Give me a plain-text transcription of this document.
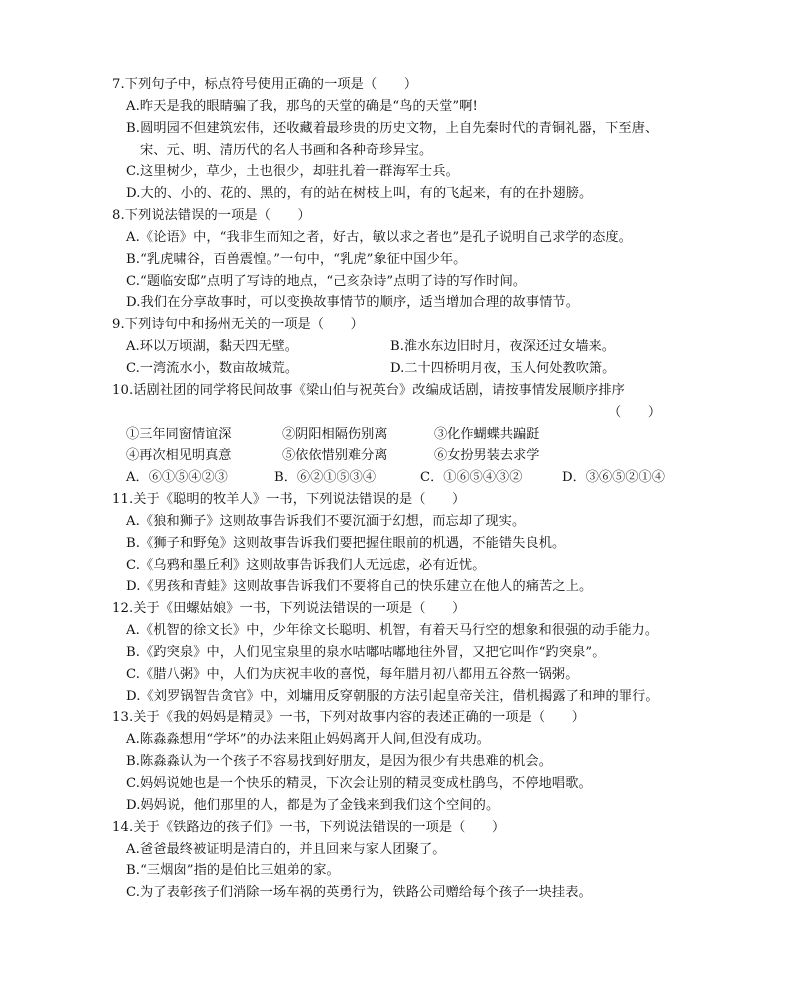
7.下列句子中，标点符号使用正确的一项是（　　）
A.昨天是我的眼睛骗了我，那鸟的天堂的确是“鸟的天堂”啊!
B.圆明园不但建筑宏伟，还收藏着最珍贵的历史文物，上自先秦时代的青铜礼器，下至唐、
宋、元、明、清历代的名人书画和各种奇珍异宝。
C.这里树少，草少，土也很少，却驻扎着一群海军士兵。
D.大的、小的、花的、黑的，有的站在树枝上叫，有的飞起来，有的在扑翅膀。
8.下列说法错误的一项是（　　）
A.《论语》中，“我非生而知之者，好古，敏以求之者也”是孔子说明自己求学的态度。
B.“乳虎啸谷，百兽震惶。”一句中，“乳虎”象征中国少年。
C.“题临安邸”点明了写诗的地点，“己亥杂诗”点明了诗的写作时间。
D.我们在分享故事时，可以变换故事情节的顺序，适当增加合理的故事情节。
9.下列诗句中和扬州无关的一项是（　　）
A.环以万顷湖，黏天四无壁。	B.淮水东边旧时月，夜深还过女墙来。
C.一湾流水小，数亩故城荒。	D.二十四桥明月夜，玉人何处教吹箫。
10.话剧社团的同学将民间故事《梁山伯与祝英台》改编成话剧，请按事情发展顺序排序
（　　）
①三年同窗情谊深	②阴阳相隔伤别离	③化作蝴蝶共蹁跹
④再次相见明真意	⑤依依惜别难分离	⑥女扮男装去求学
A．⑥①⑤④②③	B．⑥②①⑤③④	C．①⑥⑤④③②	D．③⑥⑤②①④
11.关于《聪明的牧羊人》一书，下列说法错误的是（　　）
A.《狼和狮子》这则故事告诉我们不要沉湎于幻想，而忘却了现实。
B.《狮子和野兔》这则故事告诉我们要把握住眼前的机遇，不能错失良机。
C.《乌鸦和墨丘利》这则故事告诉我们人无远虑，必有近忧。
D.《男孩和青蛙》这则故事告诉我们不要将自己的快乐建立在他人的痛苦之上。
12.关于《田螺姑娘》一书，下列说法错误的一项是（　　）
A.《机智的徐文长》中，少年徐文长聪明、机智，有着天马行空的想象和很强的动手能力。
B.《趵突泉》中，人们见宝泉里的泉水咕嘟咕嘟地往外冒，又把它叫作“趵突泉”。
C.《腊八粥》中，人们为庆祝丰收的喜悦，每年腊月初八都用五谷熬一锅粥。
D.《刘罗锅智告贪官》中，刘墉用反穿朝服的方法引起皇帝关注，借机揭露了和珅的罪行。
13.关于《我的妈妈是精灵》一书，下列对故事内容的表述正确的一项是（　　）
A.陈淼淼想用“学坏”的办法来阻止妈妈离开人间,但没有成功。
B.陈淼淼认为一个孩子不容易找到好朋友，是因为很少有共患难的机会。
C.妈妈说她也是一个快乐的精灵，下次会让别的精灵变成杜鹃鸟，不停地唱歌。
D.妈妈说，他们那里的人，都是为了金钱来到我们这个空间的。
14.关于《铁路边的孩子们》一书，下列说法错误的一项是（　　）
A.爸爸最终被证明是清白的，并且回来与家人团聚了。
B.“三烟囱”指的是伯比三姐弟的家。
C.为了表彰孩子们消除一场车祸的英勇行为，铁路公司赠给每个孩子一块挂表。
